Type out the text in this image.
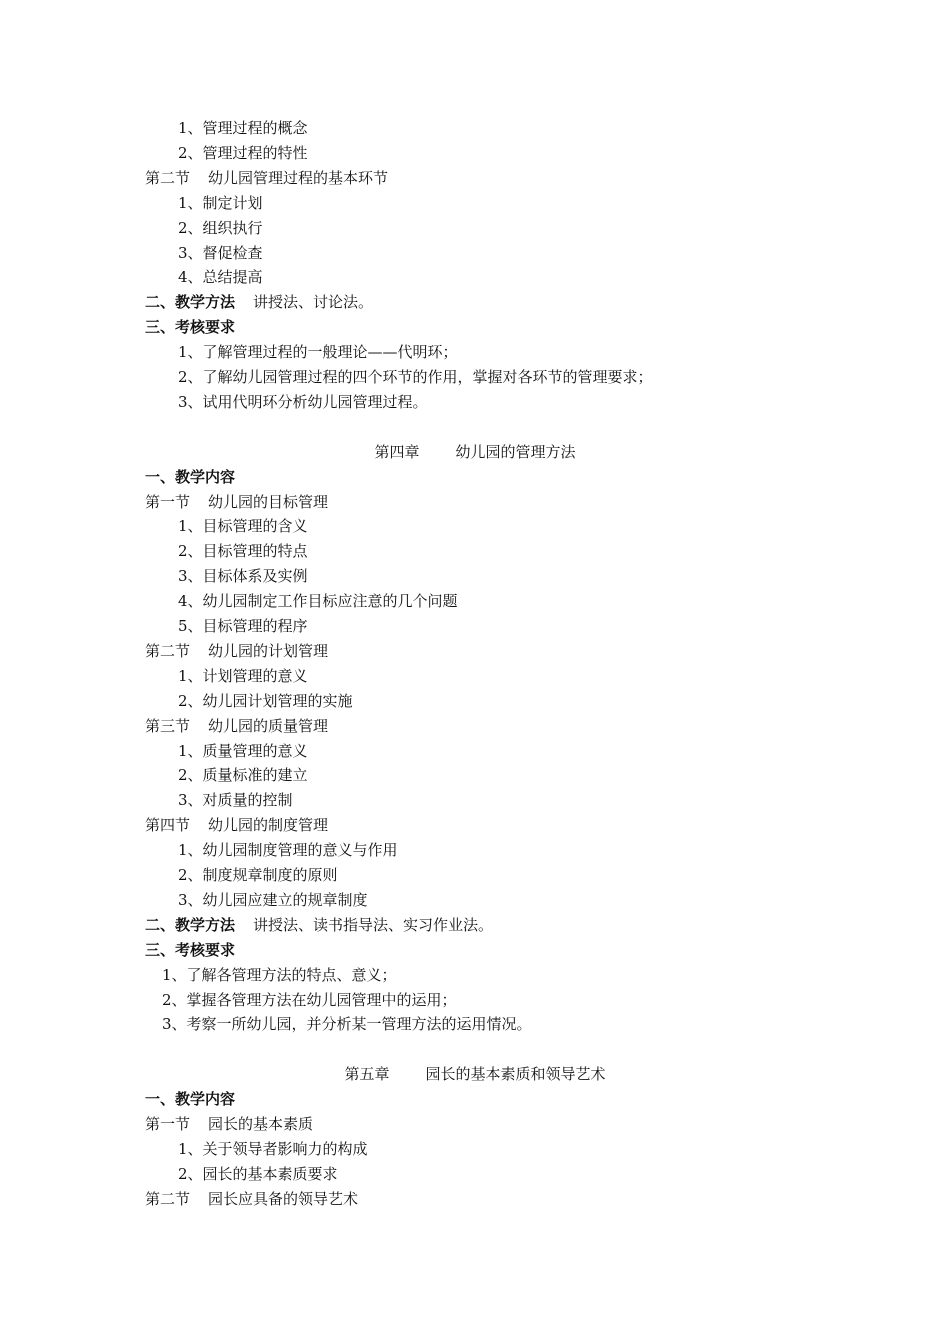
1、管理过程的概念
2、管理过程的特性
第二节 幼儿园管理过程的基本环节
1、制定计划
2、组织执行
3、督促检查
4、总结提高
二、教学方法 讲授法、讨论法。
三、考核要求
1、了解管理过程的一般理论——代明环；
2、了解幼儿园管理过程的四个环节的作用，掌握对各环节的管理要求；
3、试用代明环分析幼儿园管理过程。
第四章 幼儿园的管理方法
一、教学内容
第一节 幼儿园的目标管理
1、目标管理的含义
2、目标管理的特点
3、目标体系及实例
4、幼儿园制定工作目标应注意的几个问题
5、目标管理的程序
第二节 幼儿园的计划管理
1、计划管理的意义
2、幼儿园计划管理的实施
第三节 幼儿园的质量管理
1、质量管理的意义
2、质量标准的建立
3、对质量的控制
第四节 幼儿园的制度管理
1、幼儿园制度管理的意义与作用
2、制度规章制度的原则
3、幼儿园应建立的规章制度
二、教学方法 讲授法、读书指导法、实习作业法。
三、考核要求
1、了解各管理方法的特点、意义；
2、掌握各管理方法在幼儿园管理中的运用；
3、考察一所幼儿园，并分析某一管理方法的运用情况。
第五章 园长的基本素质和领导艺术
一、教学内容
第一节 园长的基本素质
1、关于领导者影响力的构成
2、园长的基本素质要求
第二节 园长应具备的领导艺术
